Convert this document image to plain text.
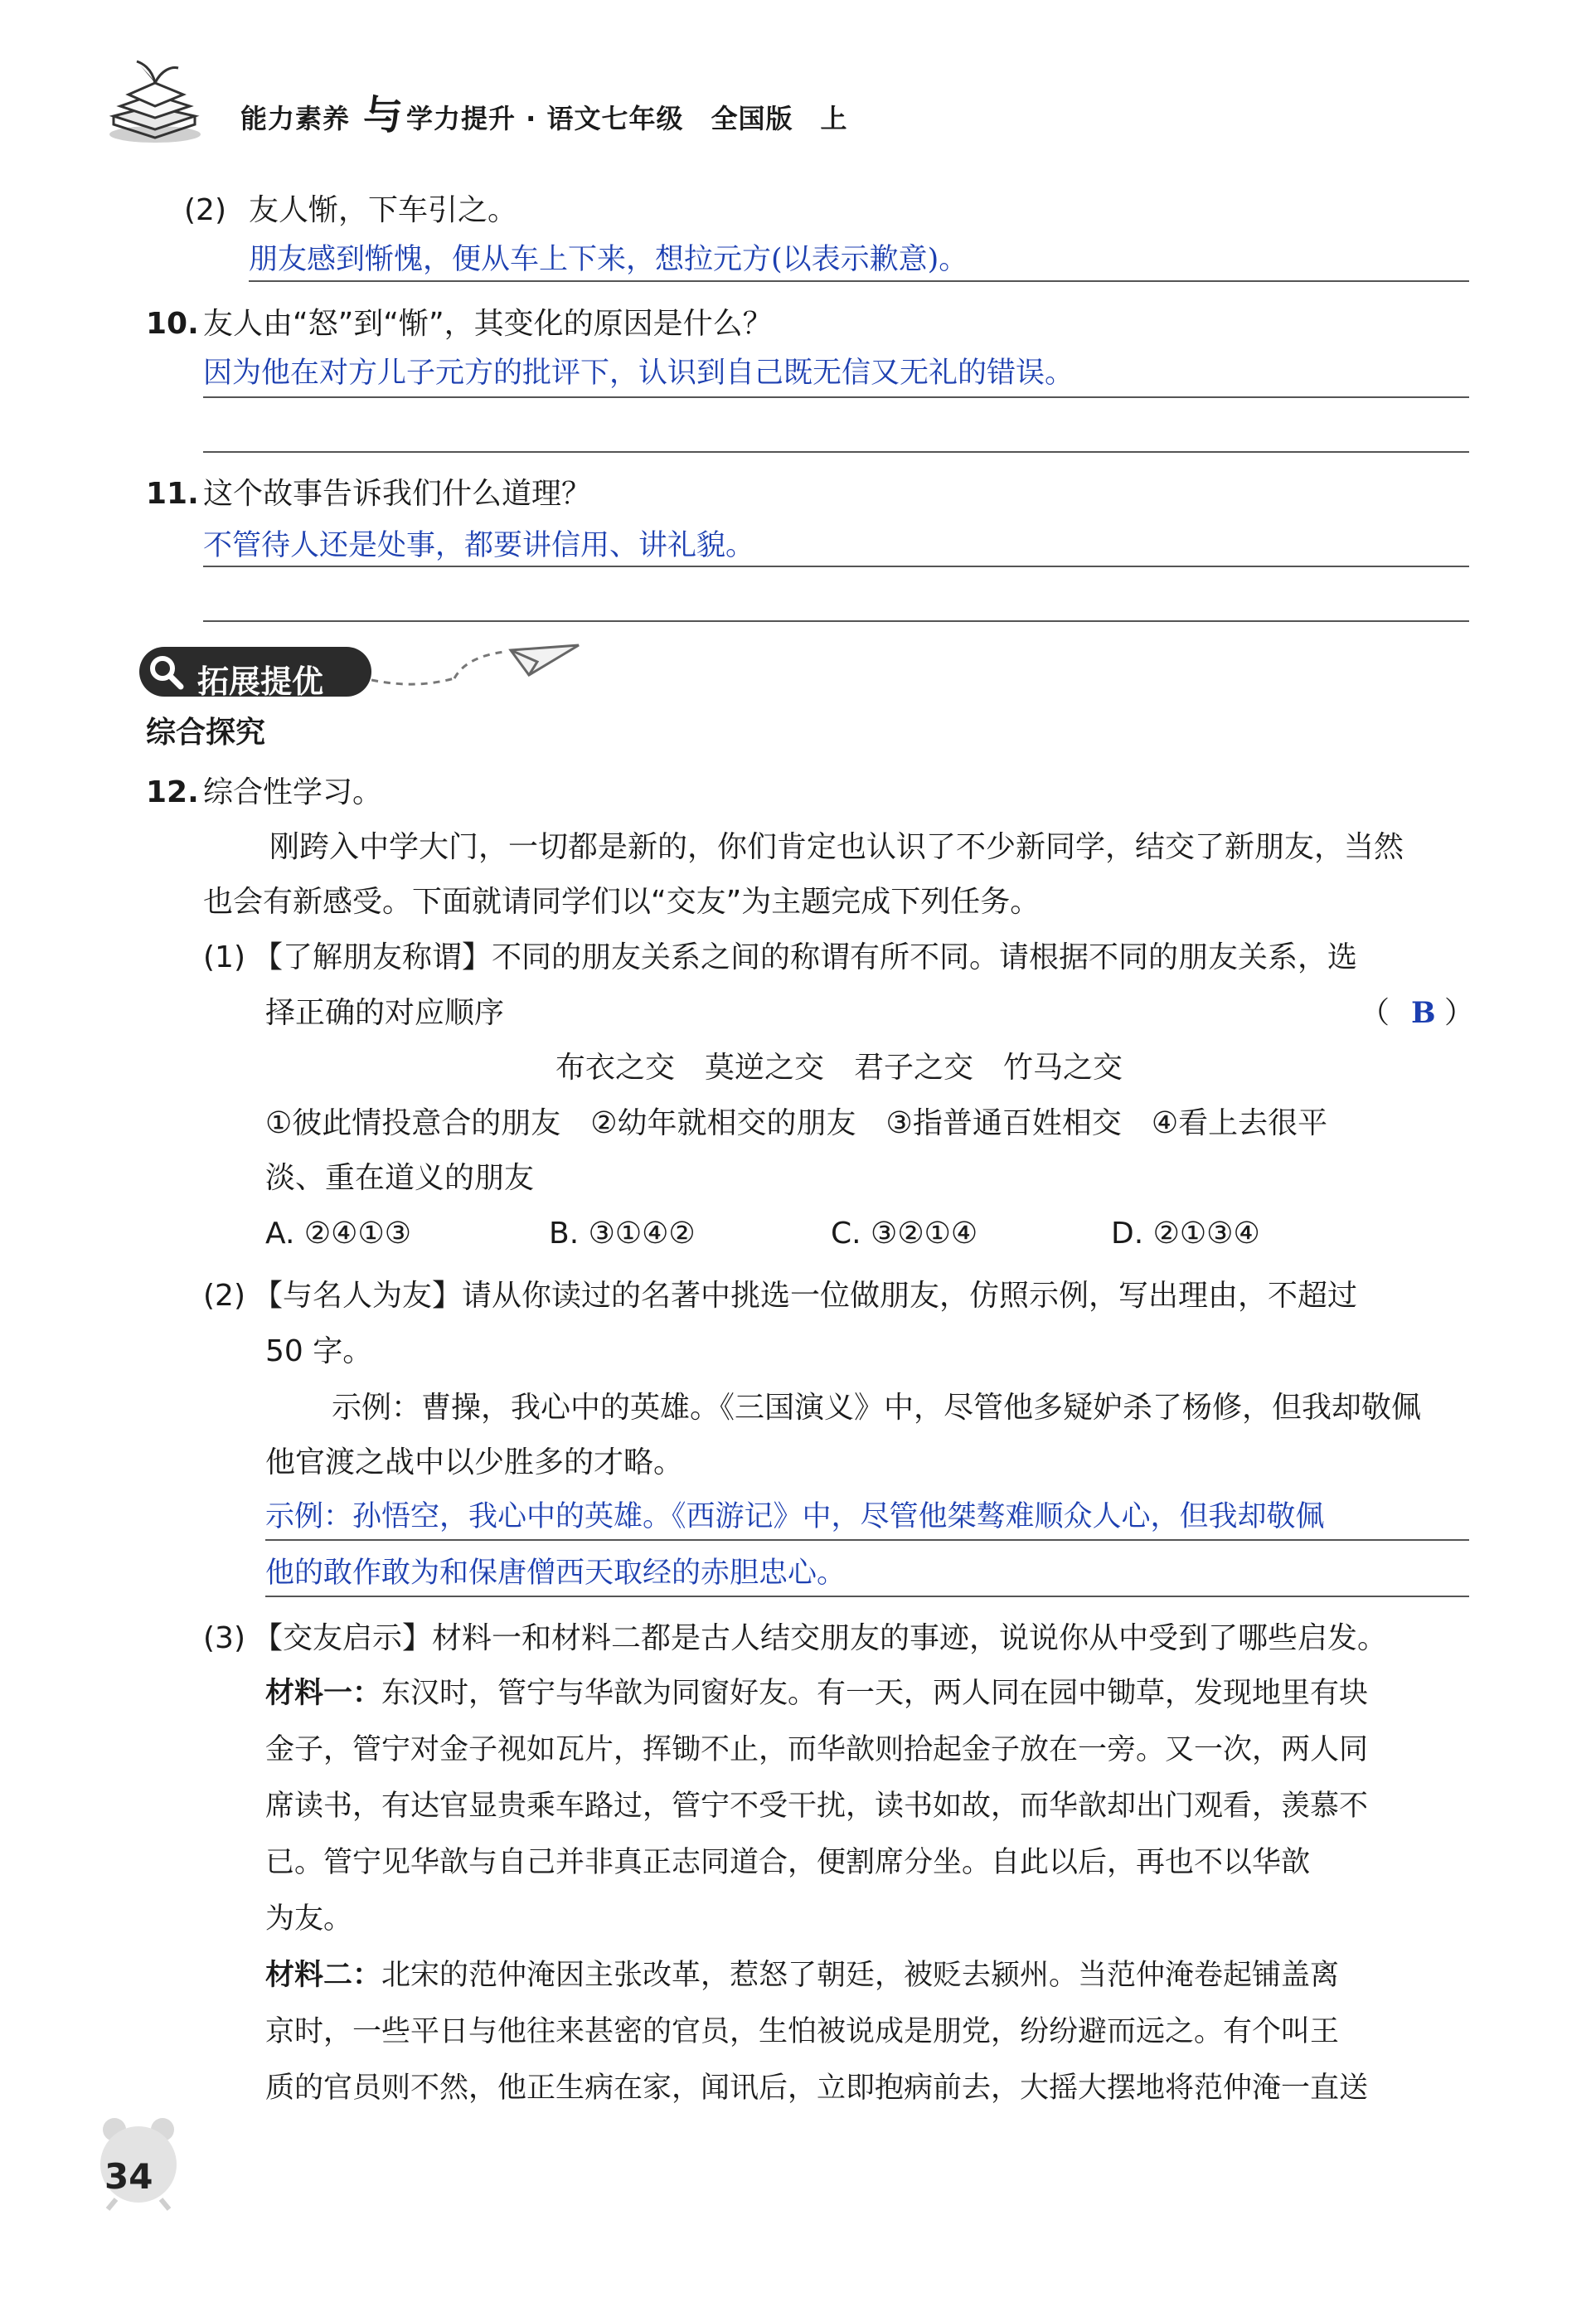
能力素养 与 学力提升 · 语文七年级　全国版　上
(2) 友人惭，下车引之。
朋友感到惭愧，便从车上下来，想拉元方(以表示歉意)。
10. 友人由“怒”到“惭”，其变化的原因是什么？
因为他在对方儿子元方的批评下，认识到自己既无信又无礼的错误。
11. 这个故事告诉我们什么道理？
不管待人还是处事，都要讲信用、讲礼貌。
拓展提优
综合探究
12. 综合性学习。
刚跨入中学大门，一切都是新的，你们肯定也认识了不少新同学，结交了新朋友，当然
也会有新感受。下面就请同学们以“交友”为主题完成下列任务。
(1) 【了解朋友称谓】不同的朋友关系之间的称谓有所不同。请根据不同的朋友关系，选
择正确的对应顺序	（ B ）
布衣之交　莫逆之交　君子之交　竹马之交
①彼此情投意合的朋友　②幼年就相交的朋友　③指普通百姓相交　④看上去很平
淡、重在道义的朋友
A. ②④①③	B. ③①④②	C. ③②①④	D. ②①③④
(2) 【与名人为友】请从你读过的名著中挑选一位做朋友，仿照示例，写出理由，不超过
50 字。
示例：曹操，我心中的英雄。《三国演义》中，尽管他多疑妒杀了杨修，但我却敬佩
他官渡之战中以少胜多的才略。
示例：孙悟空，我心中的英雄。《西游记》中，尽管他桀骜难顺众人心，但我却敬佩
他的敢作敢为和保唐僧西天取经的赤胆忠心。
(3) 【交友启示】材料一和材料二都是古人结交朋友的事迹，说说你从中受到了哪些启发。
材料一：东汉时，管宁与华歆为同窗好友。有一天，两人同在园中锄草，发现地里有块
金子，管宁对金子视如瓦片，挥锄不止，而华歆则拾起金子放在一旁。又一次，两人同
席读书，有达官显贵乘车路过，管宁不受干扰，读书如故，而华歆却出门观看，羡慕不
已。管宁见华歆与自己并非真正志同道合，便割席分坐。自此以后，再也不以华歆
为友。
材料二：北宋的范仲淹因主张改革，惹怒了朝廷，被贬去颍州。当范仲淹卷起铺盖离
京时，一些平日与他往来甚密的官员，生怕被说成是朋党，纷纷避而远之。有个叫王
质的官员则不然，他正生病在家，闻讯后，立即抱病前去，大摇大摆地将范仲淹一直送
34
